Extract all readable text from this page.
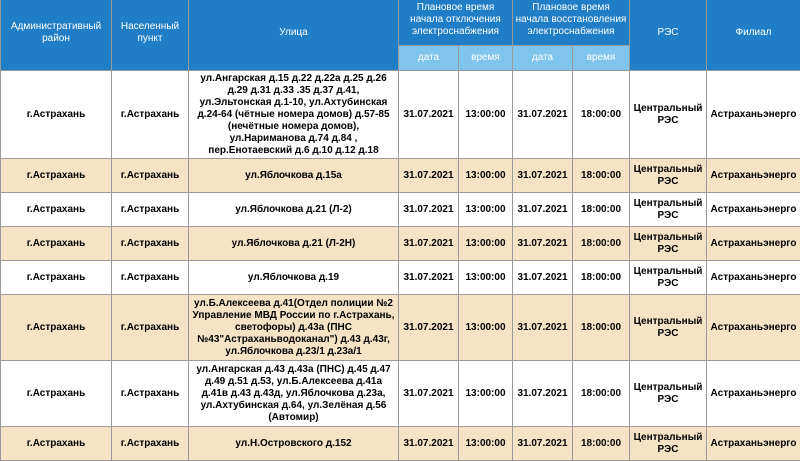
Административный район	Населенный пункт	Улица	Плановое время начала отключения электроснабжения		Плановое время начала восстановления электроснабжения		РЭС	Филиал
			дата	время	дата	время		
г.Астрахань	г.Астрахань	ул.Ангарская д.15 д.22 д.22а д.25 д.26 д.29 д.31 д.33 .35 д.37 д.41, ул.Эльтонская д.1-10, ул.Ахтубинская д.24-64 (чётные номера домов) д.57-85 (нечётные номера домов), ул.Нариманова д.74 д.84 , пер.Енотаевский д.6 д.10 д.12 д.18	31.07.2021	13:00:00	31.07.2021	18:00:00	Центральный РЭС	Астраханьэнерго
г.Астрахань	г.Астрахань	ул.Яблочкова д.15а	31.07.2021	13:00:00	31.07.2021	18:00:00	Центральный РЭС	Астраханьэнерго
г.Астрахань	г.Астрахань	ул.Яблочкова д.21 (Л-2)	31.07.2021	13:00:00	31.07.2021	18:00:00	Центральный РЭС	Астраханьэнерго
г.Астрахань	г.Астрахань	ул.Яблочкова д.21 (Л-2Н)	31.07.2021	13:00:00	31.07.2021	18:00:00	Центральный РЭС	Астраханьэнерго
г.Астрахань	г.Астрахань	ул.Яблочкова д.19	31.07.2021	13:00:00	31.07.2021	18:00:00	Центральный РЭС	Астраханьэнерго
г.Астрахань	г.Астрахань	ул.Б.Алексеева д.41(Отдел полиции №2 Управление МВД России по г.Астрахань, светофоры) д.43а (ПНС №43"Астраханьводоканал") д.43 д.43г, ул.Яблочкова д.23/1 д.23а/1	31.07.2021	13:00:00	31.07.2021	18:00:00	Центральный РЭС	Астраханьэнерго
г.Астрахань	г.Астрахань	ул.Ангарская д.43 д.43а (ПНС) д.45 д.47 д.49 д.51 д.53, ул.Б.Алексеева д.41а д.41в д.43 д.43д, ул.Яблочкова д.23а, ул.Ахтубинская д.64, ул.Зелёная д.56 (Автомир)	31.07.2021	13:00:00	31.07.2021	18:00:00	Центральный РЭС	Астраханьэнерго
г.Астрахань	г.Астрахань	ул.Н.Островского д.152	31.07.2021	13:00:00	31.07.2021	18:00:00	Центральный РЭС	Астраханьэнерго
